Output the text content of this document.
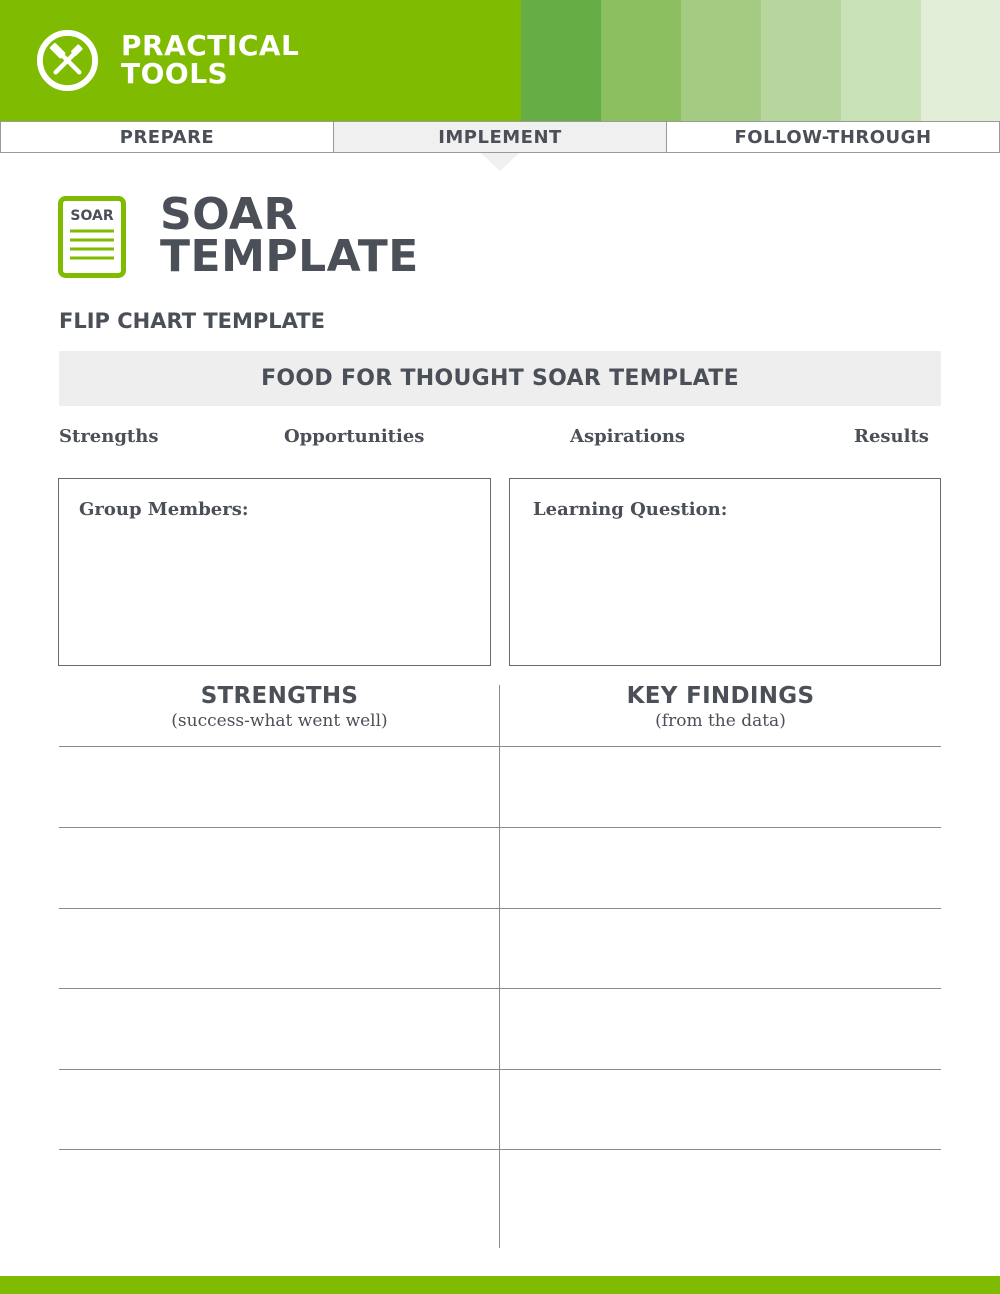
PRACTICAL
TOOLS
PREPARE	IMPLEMENT	FOLLOW-THROUGH
SOAR SOAR
TEMPLATE
FLIP CHART TEMPLATE
FOOD FOR THOUGHT SOAR TEMPLATE
Strengths	Opportunities	Aspirations	Results
Group Members:	Learning Question:
STRENGTHS
(success-what went well)
KEY FINDINGS
(from the data)
